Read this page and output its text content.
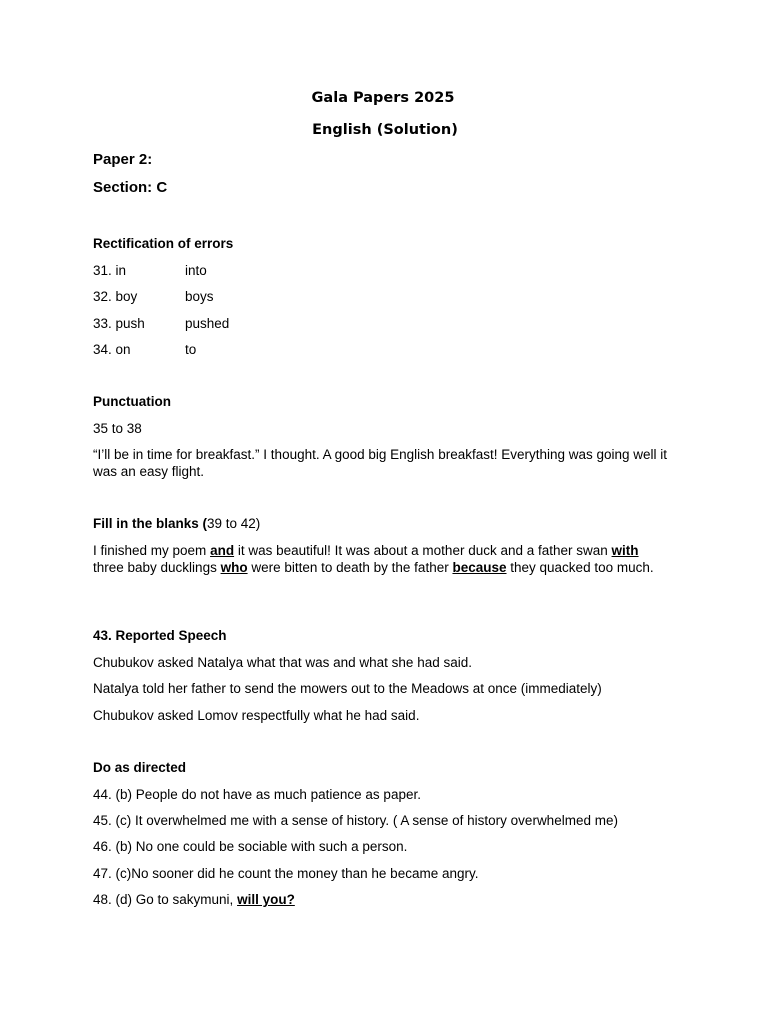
Gala Papers 2025
English (Solution)
Paper 2:
Section: C
Rectification of errors
31. in	into
32. boy	boys
33. push	pushed
34. on	to
Punctuation
35 to 38
“I’ll be in time for breakfast.” I thought. A good big English breakfast! Everything was going well it was an easy flight.
Fill in the blanks (39 to 42)
I finished my poem and it was beautiful! It was about a mother duck and a father swan with three baby ducklings who were bitten to death by the father because they quacked too much.
43. Reported Speech
Chubukov asked Natalya what that was and what she had said.
Natalya told her father to send the mowers out to the Meadows at once (immediately)
Chubukov asked Lomov respectfully what he had said.
Do as directed
44. (b) People do not have as much patience as paper.
45. (c) It overwhelmed me with a sense of history. ( A sense of history overwhelmed me)
46. (b) No one could be sociable with such a person.
47. (c)No sooner did he count the money than he became angry.
48. (d) Go to sakymuni, will you?
